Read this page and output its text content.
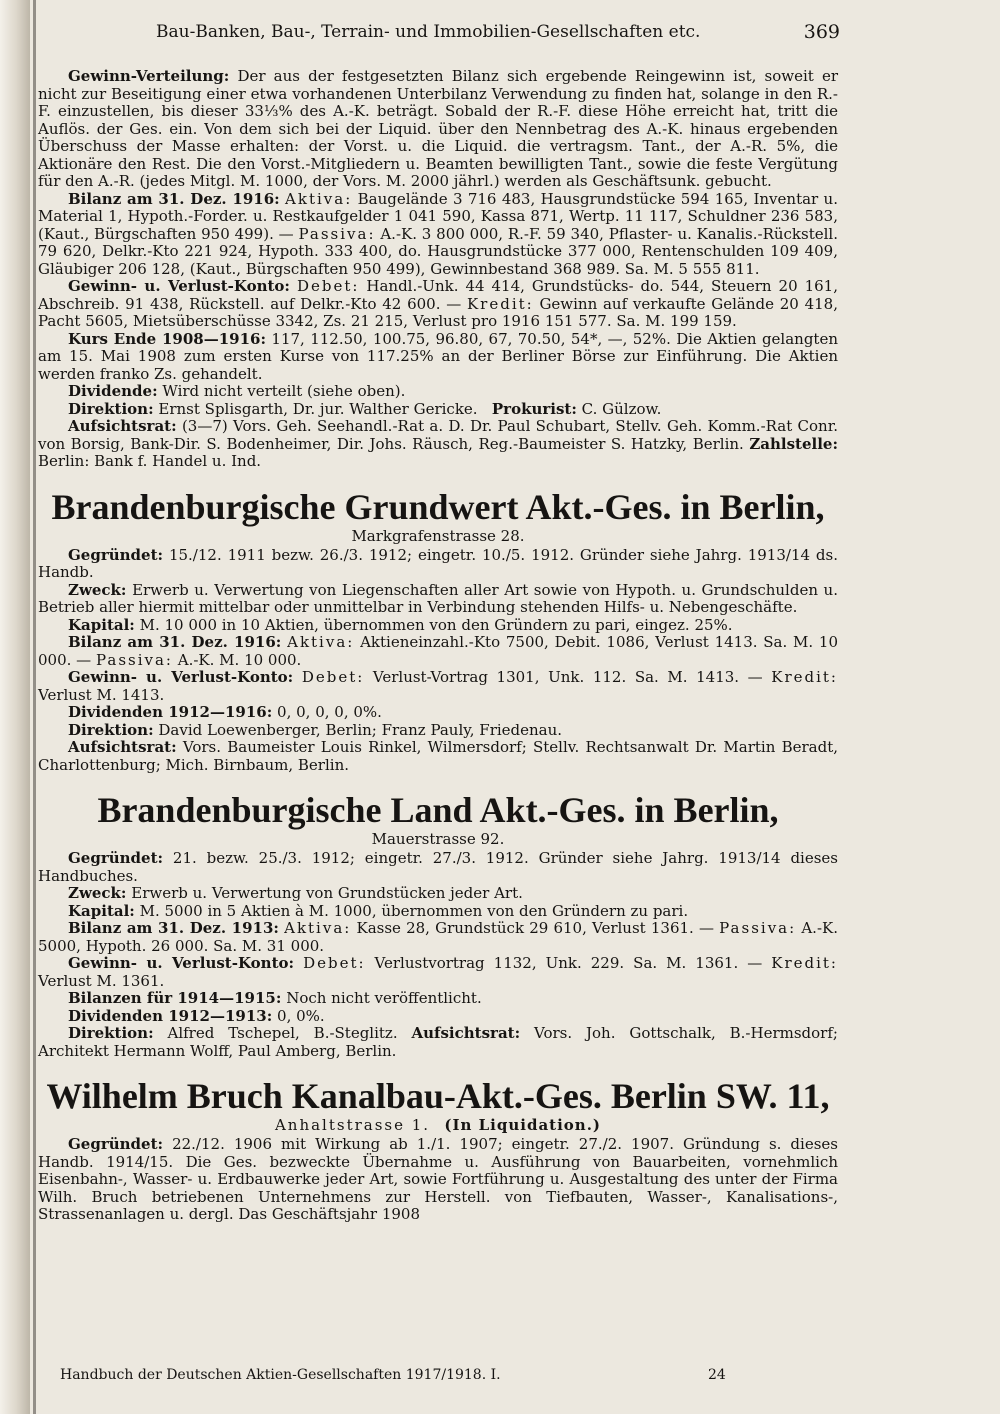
Bau-Banken, Bau-, Terrain- und Immobilien-Gesellschaften etc.	369

Gewinn-Verteilung: Der aus der festgesetzten Bilanz sich ergebende Reingewinn ist, soweit er nicht zur Beseitigung einer etwa vorhandenen Unterbilanz Verwendung zu finden hat, solange in den R.-F. einzustellen, bis dieser 33⅓% des A.-K. beträgt. Sobald der R.-F. diese Höhe erreicht hat, tritt die Auflös. der Ges. ein. Von dem sich bei der Liquid. über den Nennbetrag des A.-K. hinaus ergebenden Überschuss der Masse erhalten: der Vorst. u. die Liquid. die vertragsm. Tant., der A.-R. 5%, die Aktionäre den Rest. Die den Vorst.-Mitgliedern u. Beamten bewilligten Tant., sowie die feste Vergütung für den A.-R. (jedes Mitgl. M. 1000, der Vors. M. 2000 jährl.) werden als Geschäftsunk. gebucht.

Bilanz am 31. Dez. 1916: Aktiva: Baugelände 3 716 483, Hausgrundstücke 594 165, Inventar u. Material 1, Hypoth.-Forder. u. Restkaufgelder 1 041 590, Kassa 871, Wertp. 11 117, Schuldner 236 583, (Kaut., Bürgschaften 950 499). — Passiva: A.-K. 3 800 000, R.-F. 59 340, Pflaster- u. Kanalis.-Rückstell. 79 620, Delkr.-Kto 221 924, Hypoth. 333 400, do. Hausgrundstücke 377 000, Rentenschulden 109 409, Gläubiger 206 128, (Kaut., Bürgschaften 950 499), Gewinnbestand 368 989. Sa. M. 5 555 811.

Gewinn- u. Verlust-Konto: Debet: Handl.-Unk. 44 414, Grundstücks- do. 544, Steuern 20 161, Abschreib. 91 438, Rückstell. auf Delkr.-Kto 42 600. — Kredit: Gewinn auf verkaufte Gelände 20 418, Pacht 5605, Mietsüberschüsse 3342, Zs. 21 215, Verlust pro 1916 151 577. Sa. M. 199 159.

Kurs Ende 1908—1916: 117, 112.50, 100.75, 96.80, 67, 70.50, 54*, —, 52%. Die Aktien gelangten am 15. Mai 1908 zum ersten Kurse von 117.25% an der Berliner Börse zur Einführung. Die Aktien werden franko Zs. gehandelt.

Dividende: Wird nicht verteilt (siehe oben).

Direktion: Ernst Splisgarth, Dr. jur. Walther Gericke. Prokurist: C. Gülzow.

Aufsichtsrat: (3—7) Vors. Geh. Seehandl.-Rat a. D. Dr. Paul Schubart, Stellv. Geh. Komm.-Rat Conr. von Borsig, Bank-Dir. S. Bodenheimer, Dir. Johs. Räusch, Reg.-Baumeister S. Hatzky, Berlin. Zahlstelle: Berlin: Bank f. Handel u. Ind.

Brandenburgische Grundwert Akt.-Ges. in Berlin,
Markgrafenstrasse 28.

Gegründet: 15./12. 1911 bezw. 26./3. 1912; eingetr. 10./5. 1912. Gründer siehe Jahrg. 1913/14 ds. Handb.

Zweck: Erwerb u. Verwertung von Liegenschaften aller Art sowie von Hypoth. u. Grundschulden u. Betrieb aller hiermit mittelbar oder unmittelbar in Verbindung stehenden Hilfs- u. Nebengeschäfte.

Kapital: M. 10 000 in 10 Aktien, übernommen von den Gründern zu pari, eingez. 25%.

Bilanz am 31. Dez. 1916: Aktiva: Aktieneinzahl.-Kto 7500, Debit. 1086, Verlust 1413. Sa. M. 10 000. — Passiva: A.-K. M. 10 000.

Gewinn- u. Verlust-Konto: Debet: Verlust-Vortrag 1301, Unk. 112. Sa. M. 1413. — Kredit: Verlust M. 1413.

Dividenden 1912—1916: 0, 0, 0, 0, 0%.

Direktion: David Loewenberger, Berlin; Franz Pauly, Friedenau.

Aufsichtsrat: Vors. Baumeister Louis Rinkel, Wilmersdorf; Stellv. Rechtsanwalt Dr. Martin Beradt, Charlottenburg; Mich. Birnbaum, Berlin.

Brandenburgische Land Akt.-Ges. in Berlin,
Mauerstrasse 92.

Gegründet: 21. bezw. 25./3. 1912; eingetr. 27./3. 1912. Gründer siehe Jahrg. 1913/14 dieses Handbuches.

Zweck: Erwerb u. Verwertung von Grundstücken jeder Art.

Kapital: M. 5000 in 5 Aktien à M. 1000, übernommen von den Gründern zu pari.

Bilanz am 31. Dez. 1913: Aktiva: Kasse 28, Grundstück 29 610, Verlust 1361. — Passiva: A.-K. 5000, Hypoth. 26 000. Sa. M. 31 000.

Gewinn- u. Verlust-Konto: Debet: Verlustvortrag 1132, Unk. 229. Sa. M. 1361. — Kredit: Verlust M. 1361.

Bilanzen für 1914—1915: Noch nicht veröffentlicht.

Dividenden 1912—1913: 0, 0%.

Direktion: Alfred Tschepel, B.-Steglitz. Aufsichtsrat: Vors. Joh. Gottschalk, B.-Hermsdorf; Architekt Hermann Wolff, Paul Amberg, Berlin.

Wilhelm Bruch Kanalbau-Akt.-Ges. Berlin SW. 11,
Anhaltstrasse 1. (In Liquidation.)

Gegründet: 22./12. 1906 mit Wirkung ab 1./1. 1907; eingetr. 27./2. 1907. Gründung s. dieses Handb. 1914/15. Die Ges. bezweckte Übernahme u. Ausführung von Bauarbeiten, vornehmlich Eisenbahn-, Wasser- u. Erdbauwerke jeder Art, sowie Fortführung u. Ausgestaltung des unter der Firma Wilh. Bruch betriebenen Unternehmens zur Herstell. von Tiefbauten, Wasser-, Kanalisations-, Strassenanlagen u. dergl. Das Geschäftsjahr 1908

Handbuch der Deutschen Aktien-Gesellschaften 1917/1918. I.	24
